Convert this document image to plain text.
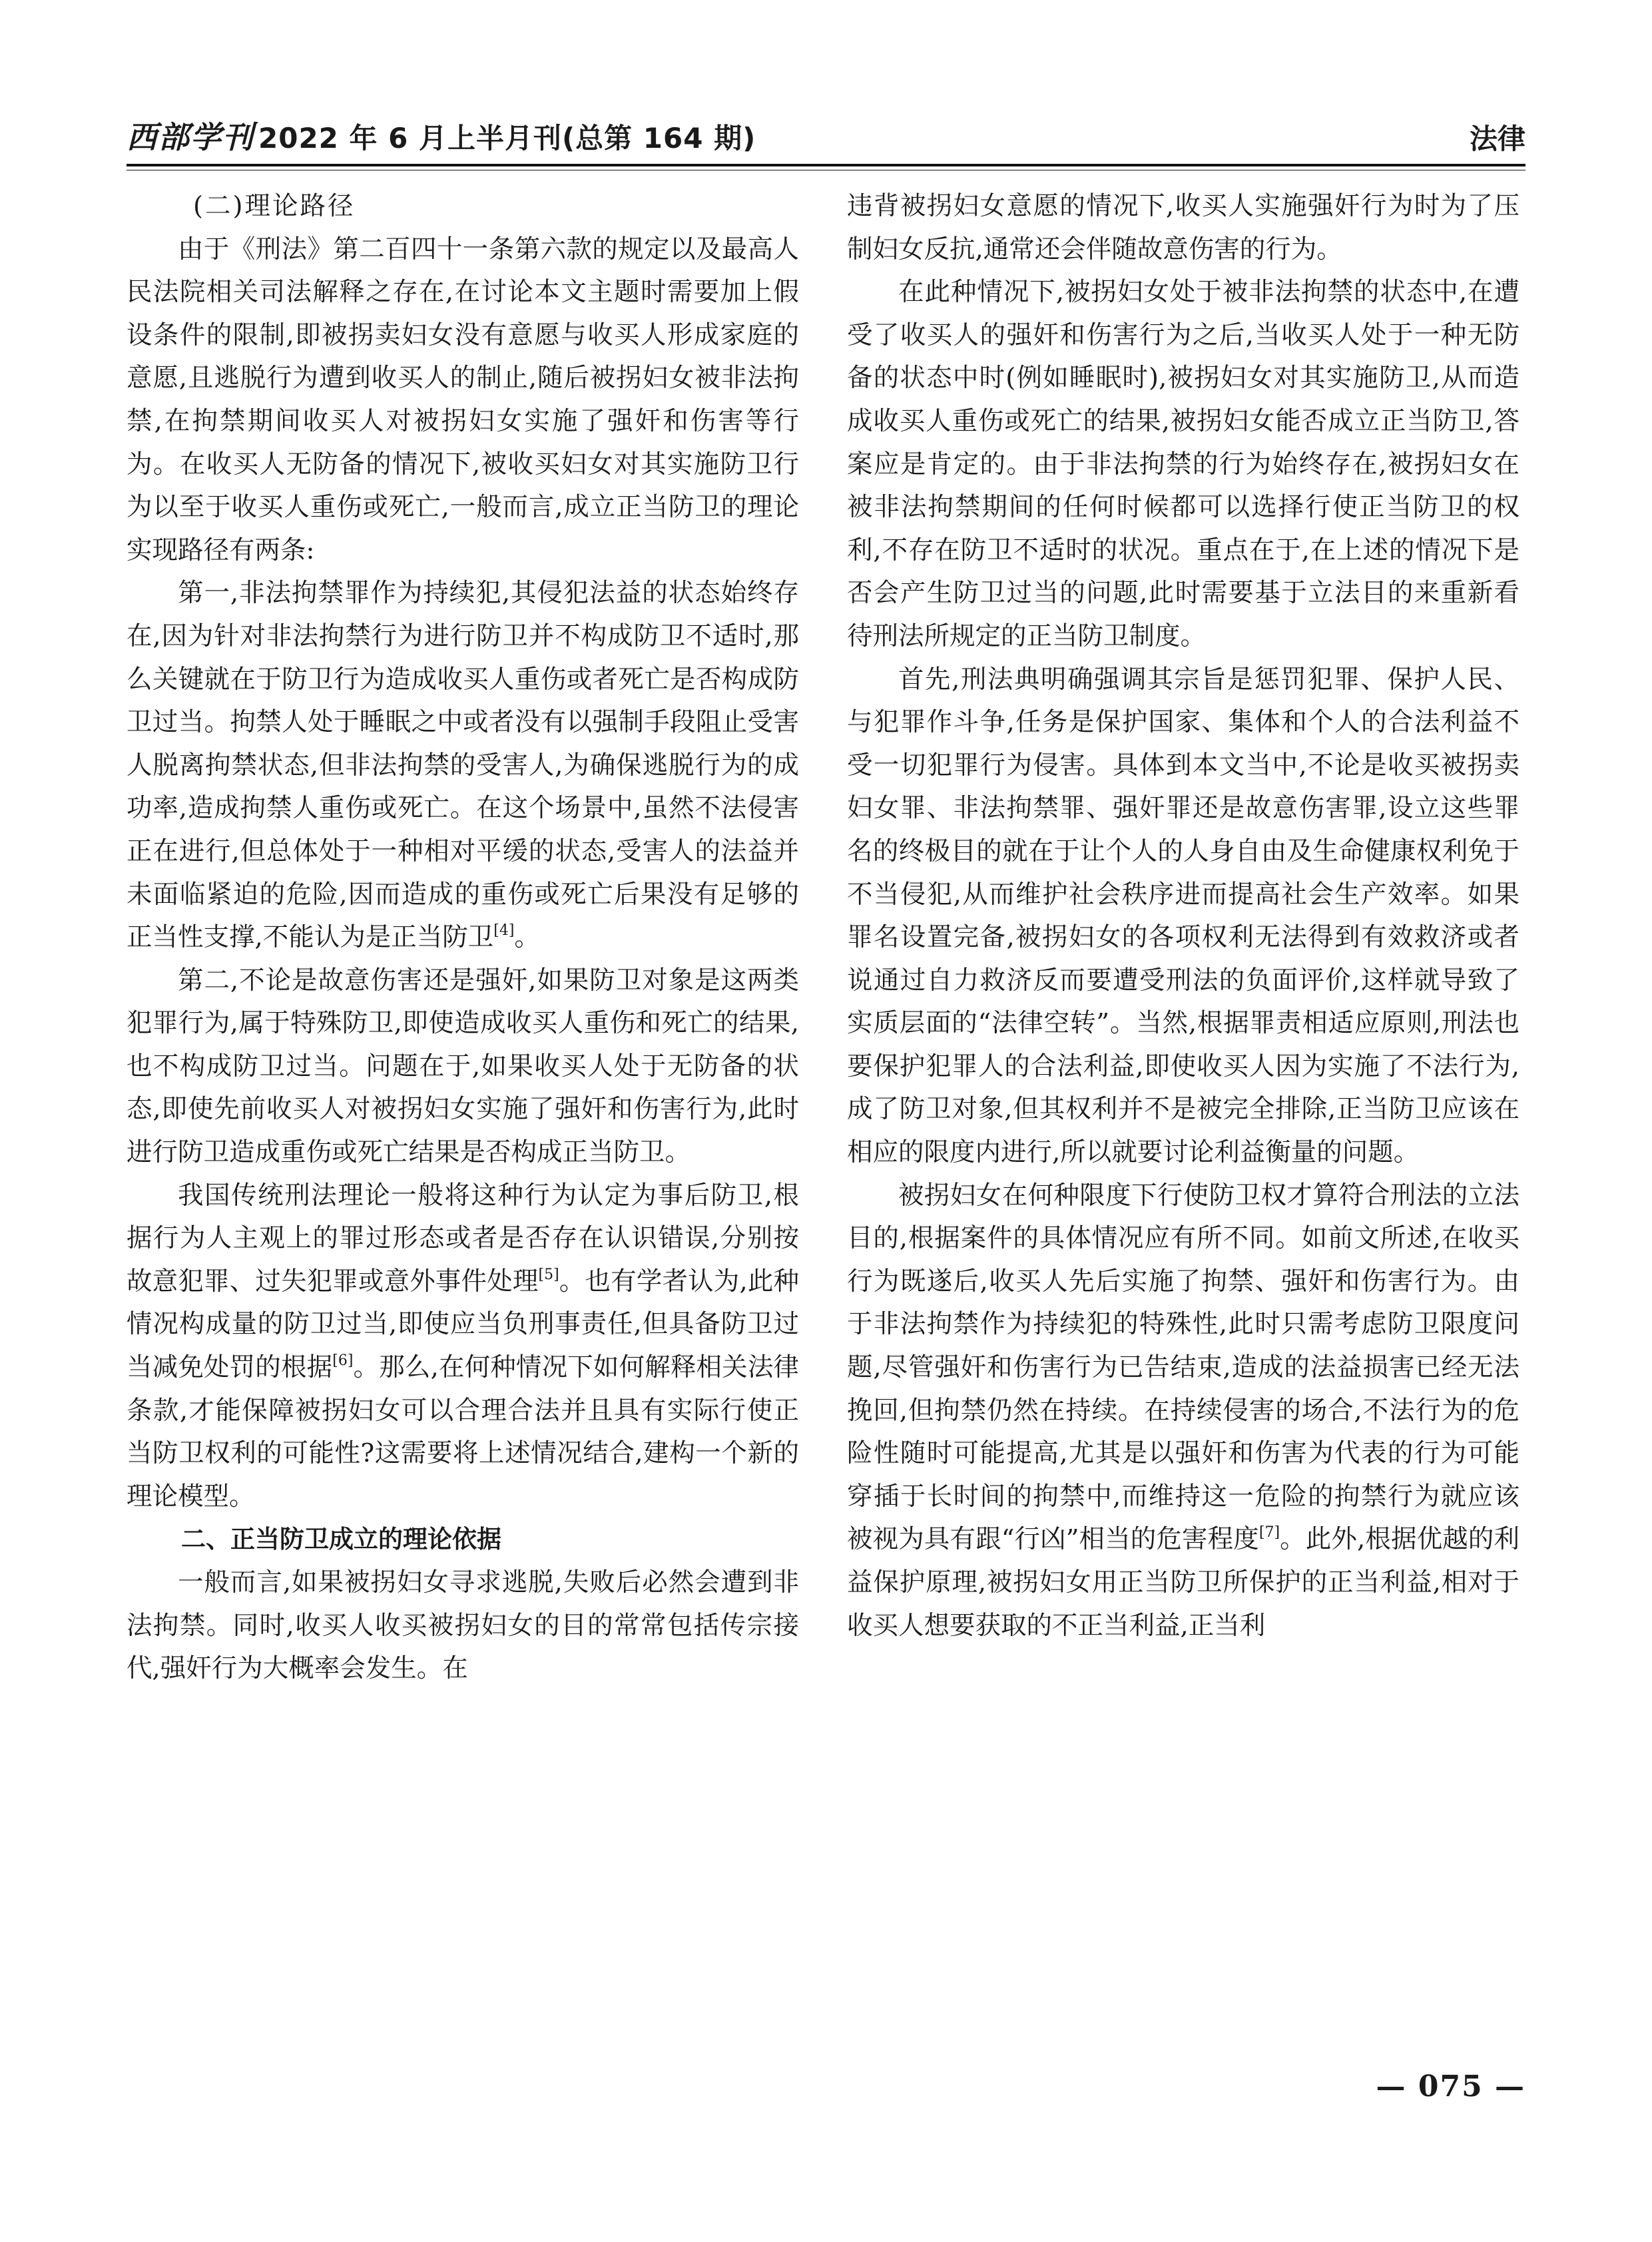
西部学刊 2022 年 6 月上半月刊(总第 164 期)	法律

(二)理论路径

由于《刑法》第二百四十一条第六款的规定以及最高人民法院相关司法解释之存在,在讨论本文主题时需要加上假设条件的限制,即被拐卖妇女没有意愿与收买人形成家庭的意愿,且逃脱行为遭到收买人的制止,随后被拐妇女被非法拘禁,在拘禁期间收买人对被拐妇女实施了强奸和伤害等行为。在收买人无防备的情况下,被收买妇女对其实施防卫行为以至于收买人重伤或死亡,一般而言,成立正当防卫的理论实现路径有两条:

第一,非法拘禁罪作为持续犯,其侵犯法益的状态始终存在,因为针对非法拘禁行为进行防卫并不构成防卫不适时,那么关键就在于防卫行为造成收买人重伤或者死亡是否构成防卫过当。拘禁人处于睡眠之中或者没有以强制手段阻止受害人脱离拘禁状态,但非法拘禁的受害人,为确保逃脱行为的成功率,造成拘禁人重伤或死亡。在这个场景中,虽然不法侵害正在进行,但总体处于一种相对平缓的状态,受害人的法益并未面临紧迫的危险,因而造成的重伤或死亡后果没有足够的正当性支撑,不能认为是正当防卫[4]。

第二,不论是故意伤害还是强奸,如果防卫对象是这两类犯罪行为,属于特殊防卫,即使造成收买人重伤和死亡的结果,也不构成防卫过当。问题在于,如果收买人处于无防备的状态,即使先前收买人对被拐妇女实施了强奸和伤害行为,此时进行防卫造成重伤或死亡结果是否构成正当防卫。

我国传统刑法理论一般将这种行为认定为事后防卫,根据行为人主观上的罪过形态或者是否存在认识错误,分别按故意犯罪、过失犯罪或意外事件处理[5]。也有学者认为,此种情况构成量的防卫过当,即使应当负刑事责任,但具备防卫过当减免处罚的根据[6]。那么,在何种情况下如何解释相关法律条款,才能保障被拐妇女可以合理合法并且具有实际行使正当防卫权利的可能性?这需要将上述情况结合,建构一个新的理论模型。

二、正当防卫成立的理论依据

一般而言,如果被拐妇女寻求逃脱,失败后必然会遭到非法拘禁。同时,收买人收买被拐妇女的目的常常包括传宗接代,强奸行为大概率会发生。在

违背被拐妇女意愿的情况下,收买人实施强奸行为时为了压制妇女反抗,通常还会伴随故意伤害的行为。

在此种情况下,被拐妇女处于被非法拘禁的状态中,在遭受了收买人的强奸和伤害行为之后,当收买人处于一种无防备的状态中时(例如睡眠时),被拐妇女对其实施防卫,从而造成收买人重伤或死亡的结果,被拐妇女能否成立正当防卫,答案应是肯定的。由于非法拘禁的行为始终存在,被拐妇女在被非法拘禁期间的任何时候都可以选择行使正当防卫的权利,不存在防卫不适时的状况。重点在于,在上述的情况下是否会产生防卫过当的问题,此时需要基于立法目的来重新看待刑法所规定的正当防卫制度。

首先,刑法典明确强调其宗旨是惩罚犯罪、保护人民、与犯罪作斗争,任务是保护国家、集体和个人的合法利益不受一切犯罪行为侵害。具体到本文当中,不论是收买被拐卖妇女罪、非法拘禁罪、强奸罪还是故意伤害罪,设立这些罪名的终极目的就在于让个人的人身自由及生命健康权利免于不当侵犯,从而维护社会秩序进而提高社会生产效率。如果罪名设置完备,被拐妇女的各项权利无法得到有效救济或者说通过自力救济反而要遭受刑法的负面评价,这样就导致了实质层面的“法律空转”。当然,根据罪责相适应原则,刑法也要保护犯罪人的合法利益,即使收买人因为实施了不法行为,成了防卫对象,但其权利并不是被完全排除,正当防卫应该在相应的限度内进行,所以就要讨论利益衡量的问题。

被拐妇女在何种限度下行使防卫权才算符合刑法的立法目的,根据案件的具体情况应有所不同。如前文所述,在收买行为既遂后,收买人先后实施了拘禁、强奸和伤害行为。由于非法拘禁作为持续犯的特殊性,此时只需考虑防卫限度问题,尽管强奸和伤害行为已告结束,造成的法益损害已经无法挽回,但拘禁仍然在持续。在持续侵害的场合,不法行为的危险性随时可能提高,尤其是以强奸和伤害为代表的行为可能穿插于长时间的拘禁中,而维持这一危险的拘禁行为就应该被视为具有跟“行凶”相当的危害程度[7]。此外,根据优越的利益保护原理,被拐妇女用正当防卫所保护的正当利益,相对于收买人想要获取的不正当利益,正当利

— 075 —
